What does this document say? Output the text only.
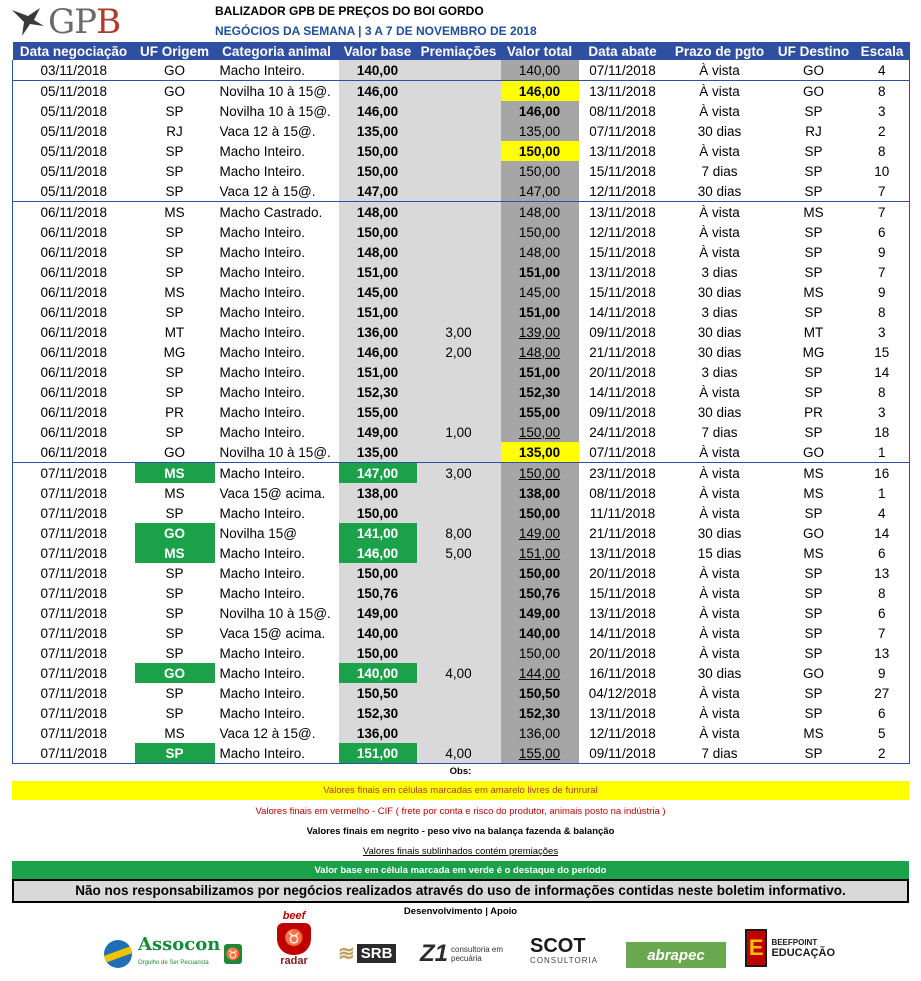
GPB	BALIZADOR GPB DE PREÇOS DO BOI GORDO
NEGÓCIOS DA SEMANA | 3 A 7 DE NOVEMBRO DE 2018
Data negociação	UF Origem	Categoria animal	Valor base	Premiações	Valor total	Data abate	Prazo de pgto	UF Destino	Escala
03/11/2018	GO	Macho Inteiro.	140,00		140,00	07/11/2018	À vista	GO	4
05/11/2018	GO	Novilha 10 à 15@.	146,00		146,00	13/11/2018	À vista	GO	8
05/11/2018	SP	Novilha 10 à 15@.	146,00		146,00	08/11/2018	À vista	SP	3
05/11/2018	RJ	Vaca 12 à 15@.	135,00		135,00	07/11/2018	30 dias	RJ	2
05/11/2018	SP	Macho Inteiro.	150,00		150,00	13/11/2018	À vista	SP	8
05/11/2018	SP	Macho Inteiro.	150,00		150,00	15/11/2018	7 dias	SP	10
05/11/2018	SP	Vaca 12 à 15@.	147,00		147,00	12/11/2018	30 dias	SP	7
06/11/2018	MS	Macho Castrado.	148,00		148,00	13/11/2018	À vista	MS	7
06/11/2018	SP	Macho Inteiro.	150,00		150,00	12/11/2018	À vista	SP	6
06/11/2018	SP	Macho Inteiro.	148,00		148,00	15/11/2018	À vista	SP	9
06/11/2018	SP	Macho Inteiro.	151,00		151,00	13/11/2018	3 dias	SP	7
06/11/2018	MS	Macho Inteiro.	145,00		145,00	15/11/2018	30 dias	MS	9
06/11/2018	SP	Macho Inteiro.	151,00		151,00	14/11/2018	3 dias	SP	8
06/11/2018	MT	Macho Inteiro.	136,00	3,00	139,00	09/11/2018	30 dias	MT	3
06/11/2018	MG	Macho Inteiro.	146,00	2,00	148,00	21/11/2018	30 dias	MG	15
06/11/2018	SP	Macho Inteiro.	151,00		151,00	20/11/2018	3 dias	SP	14
06/11/2018	SP	Macho Inteiro.	152,30		152,30	14/11/2018	À vista	SP	8
06/11/2018	PR	Macho Inteiro.	155,00		155,00	09/11/2018	30 dias	PR	3
06/11/2018	SP	Macho Inteiro.	149,00	1,00	150,00	24/11/2018	7 dias	SP	18
06/11/2018	GO	Novilha 10 à 15@.	135,00		135,00	07/11/2018	À vista	GO	1
07/11/2018	MS	Macho Inteiro.	147,00	3,00	150,00	23/11/2018	À vista	MS	16
07/11/2018	MS	Vaca 15@ acima.	138,00		138,00	08/11/2018	À vista	MS	1
07/11/2018	SP	Macho Inteiro.	150,00		150,00	11/11/2018	À vista	SP	4
07/11/2018	GO	Novilha 15@	141,00	8,00	149,00	21/11/2018	30 dias	GO	14
07/11/2018	MS	Macho Inteiro.	146,00	5,00	151,00	13/11/2018	15 dias	MS	6
07/11/2018	SP	Macho Inteiro.	150,00		150,00	20/11/2018	À vista	SP	13
07/11/2018	SP	Macho Inteiro.	150,76		150,76	15/11/2018	À vista	SP	8
07/11/2018	SP	Novilha 10 à 15@.	149,00		149,00	13/11/2018	À vista	SP	6
07/11/2018	SP	Vaca 15@ acima.	140,00		140,00	14/11/2018	À vista	SP	7
07/11/2018	SP	Macho Inteiro.	150,00		150,00	20/11/2018	À vista	SP	13
07/11/2018	GO	Macho Inteiro.	140,00	4,00	144,00	16/11/2018	30 dias	GO	9
07/11/2018	SP	Macho Inteiro.	150,50		150,50	04/12/2018	À vista	SP	27
07/11/2018	SP	Macho Inteiro.	152,30		152,30	13/11/2018	À vista	SP	6
07/11/2018	MS	Vaca 12 à 15@.	136,00		136,00	12/11/2018	À vista	MS	5
07/11/2018	SP	Macho Inteiro.	151,00	4,00	155,00	09/11/2018	7 dias	SP	2
Obs:
Valores finais em células marcadas em amarelo livres de funrural
Valores finais em vermelho - CIF ( frete por conta e risco do produtor, animais posto na indústria )
Valores finais em negrito - peso vivo na balança fazenda & balanção
Valores finais sublinhados contém premiações
Valor base em célula marcada em verde é o destaque do período
Não nos responsabilizamos por negócios realizados através do uso de informações contidas neste boletim informativo.
Desenvolvimento | Apoio
Assocon
Orgulho de Ser Pecuarista
♉
beef
♉
radar ≋ SRB Z1 consultoria em pecuária
SCOT
CONSULTORIA	abrapec E BEEFPOINT
EDUCAÇÃO
